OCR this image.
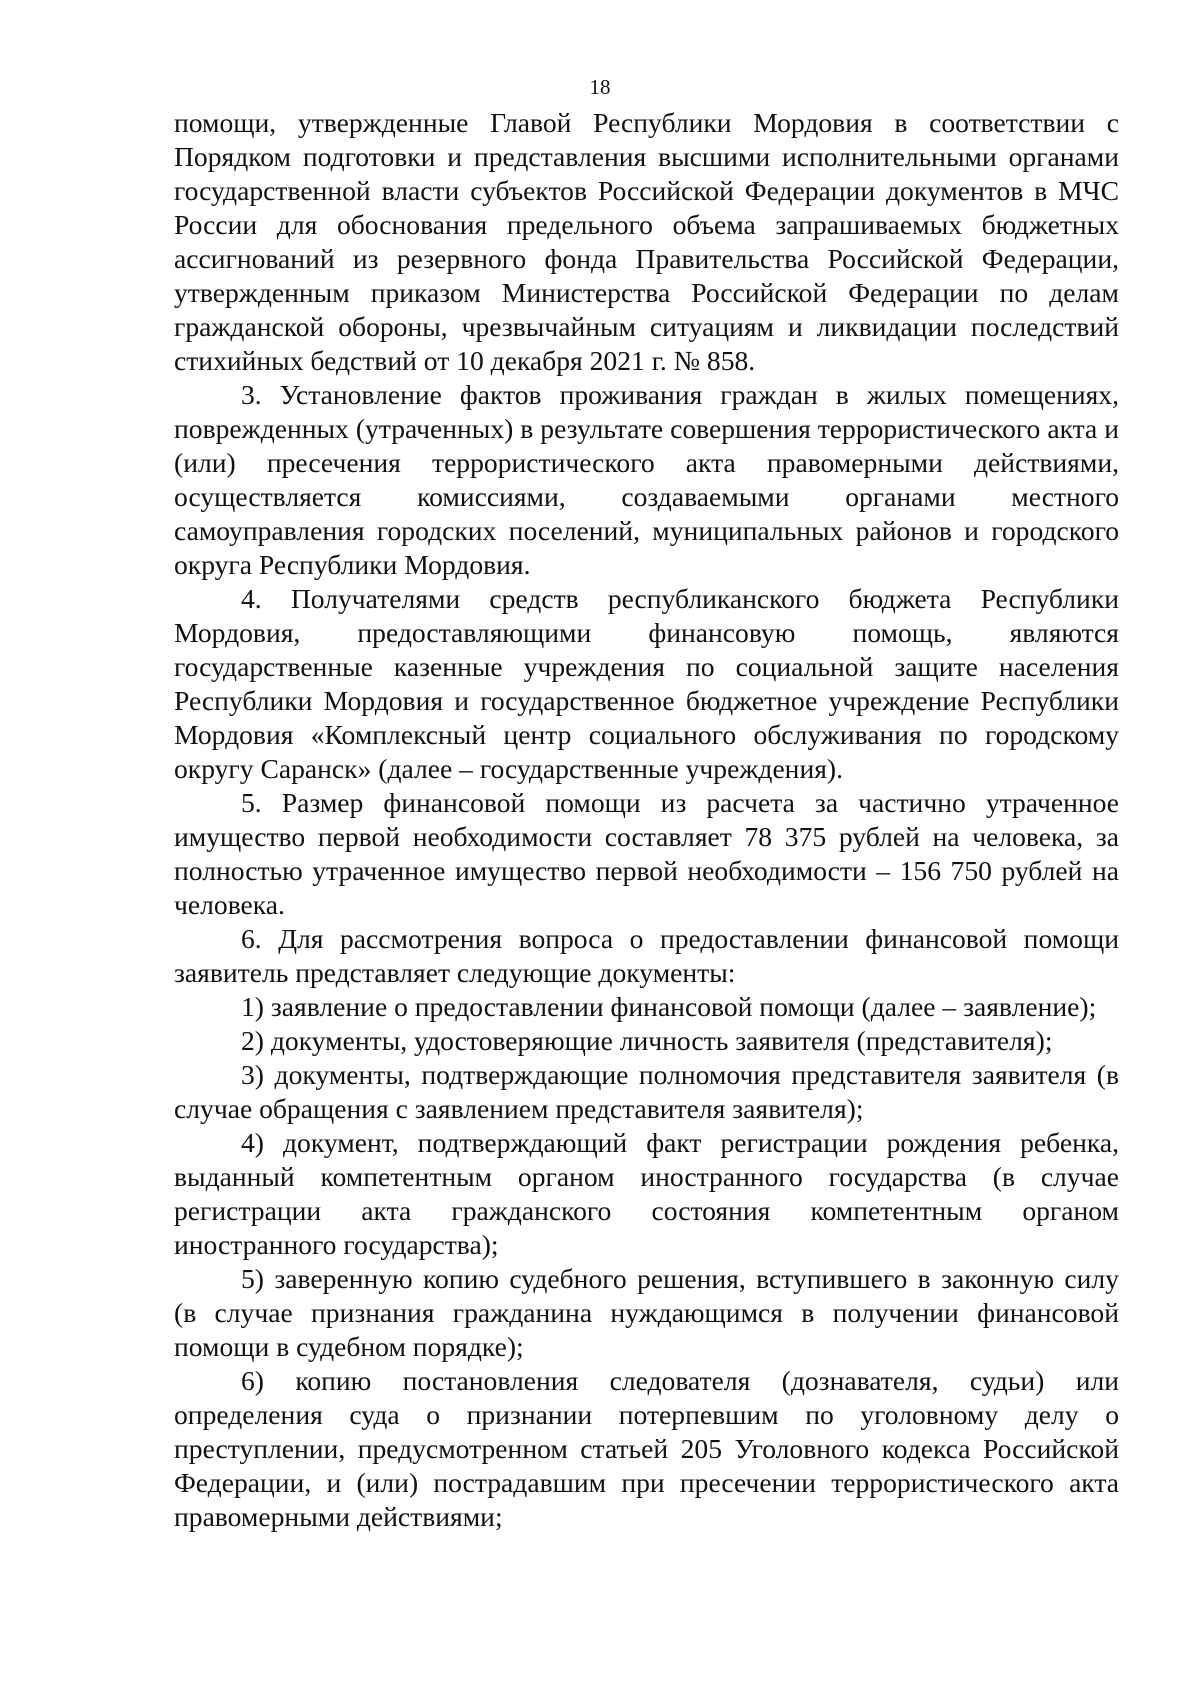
18

помощи, утвержденные Главой Республики Мордовия в соответствии с Порядком подготовки и представления высшими исполнительными органами государственной власти субъектов Российской Федерации документов в МЧС России для обоснования предельного объема запрашиваемых бюджетных ассигнований из резервного фонда Правительства Российской Федерации, утвержденным приказом Министерства Российской Федерации по делам гражданской обороны, чрезвычайным ситуациям и ликвидации последствий стихийных бедствий от 10 декабря 2021 г. № 858.

3. Установление фактов проживания граждан в жилых помещениях, поврежденных (утраченных) в результате совершения террористического акта и (или) пресечения террористического акта правомерными действиями, осуществляется комиссиями, создаваемыми органами местного самоуправления городских поселений, муниципальных районов и городского округа Республики Мордовия.

4. Получателями средств республиканского бюджета Республики Мордовия, предоставляющими финансовую помощь, являются государственные казенные учреждения по социальной защите населения Республики Мордовия и государственное бюджетное учреждение Республики Мордовия «Комплексный центр социального обслуживания по городскому округу Саранск» (далее – государственные учреждения).

5. Размер финансовой помощи из расчета за частично утраченное имущество первой необходимости составляет 78 375 рублей на человека, за полностью утраченное имущество первой необходимости – 156 750 рублей на человека.

6. Для рассмотрения вопроса о предоставлении финансовой помощи заявитель представляет следующие документы:

1) заявление о предоставлении финансовой помощи (далее – заявление);

2) документы, удостоверяющие личность заявителя (представителя);

3) документы, подтверждающие полномочия представителя заявителя (в случае обращения с заявлением представителя заявителя);

4) документ, подтверждающий факт регистрации рождения ребенка, выданный компетентным органом иностранного государства (в случае регистрации акта гражданского состояния компетентным органом иностранного государства);

5) заверенную копию судебного решения, вступившего в законную силу (в случае признания гражданина нуждающимся в получении финансовой помощи в судебном порядке);

6) копию постановления следователя (дознавателя, судьи) или определения суда о признании потерпевшим по уголовному делу о преступлении, предусмотренном статьей 205 Уголовного кодекса Российской Федерации, и (или) пострадавшим при пресечении террористического акта правомерными действиями;
